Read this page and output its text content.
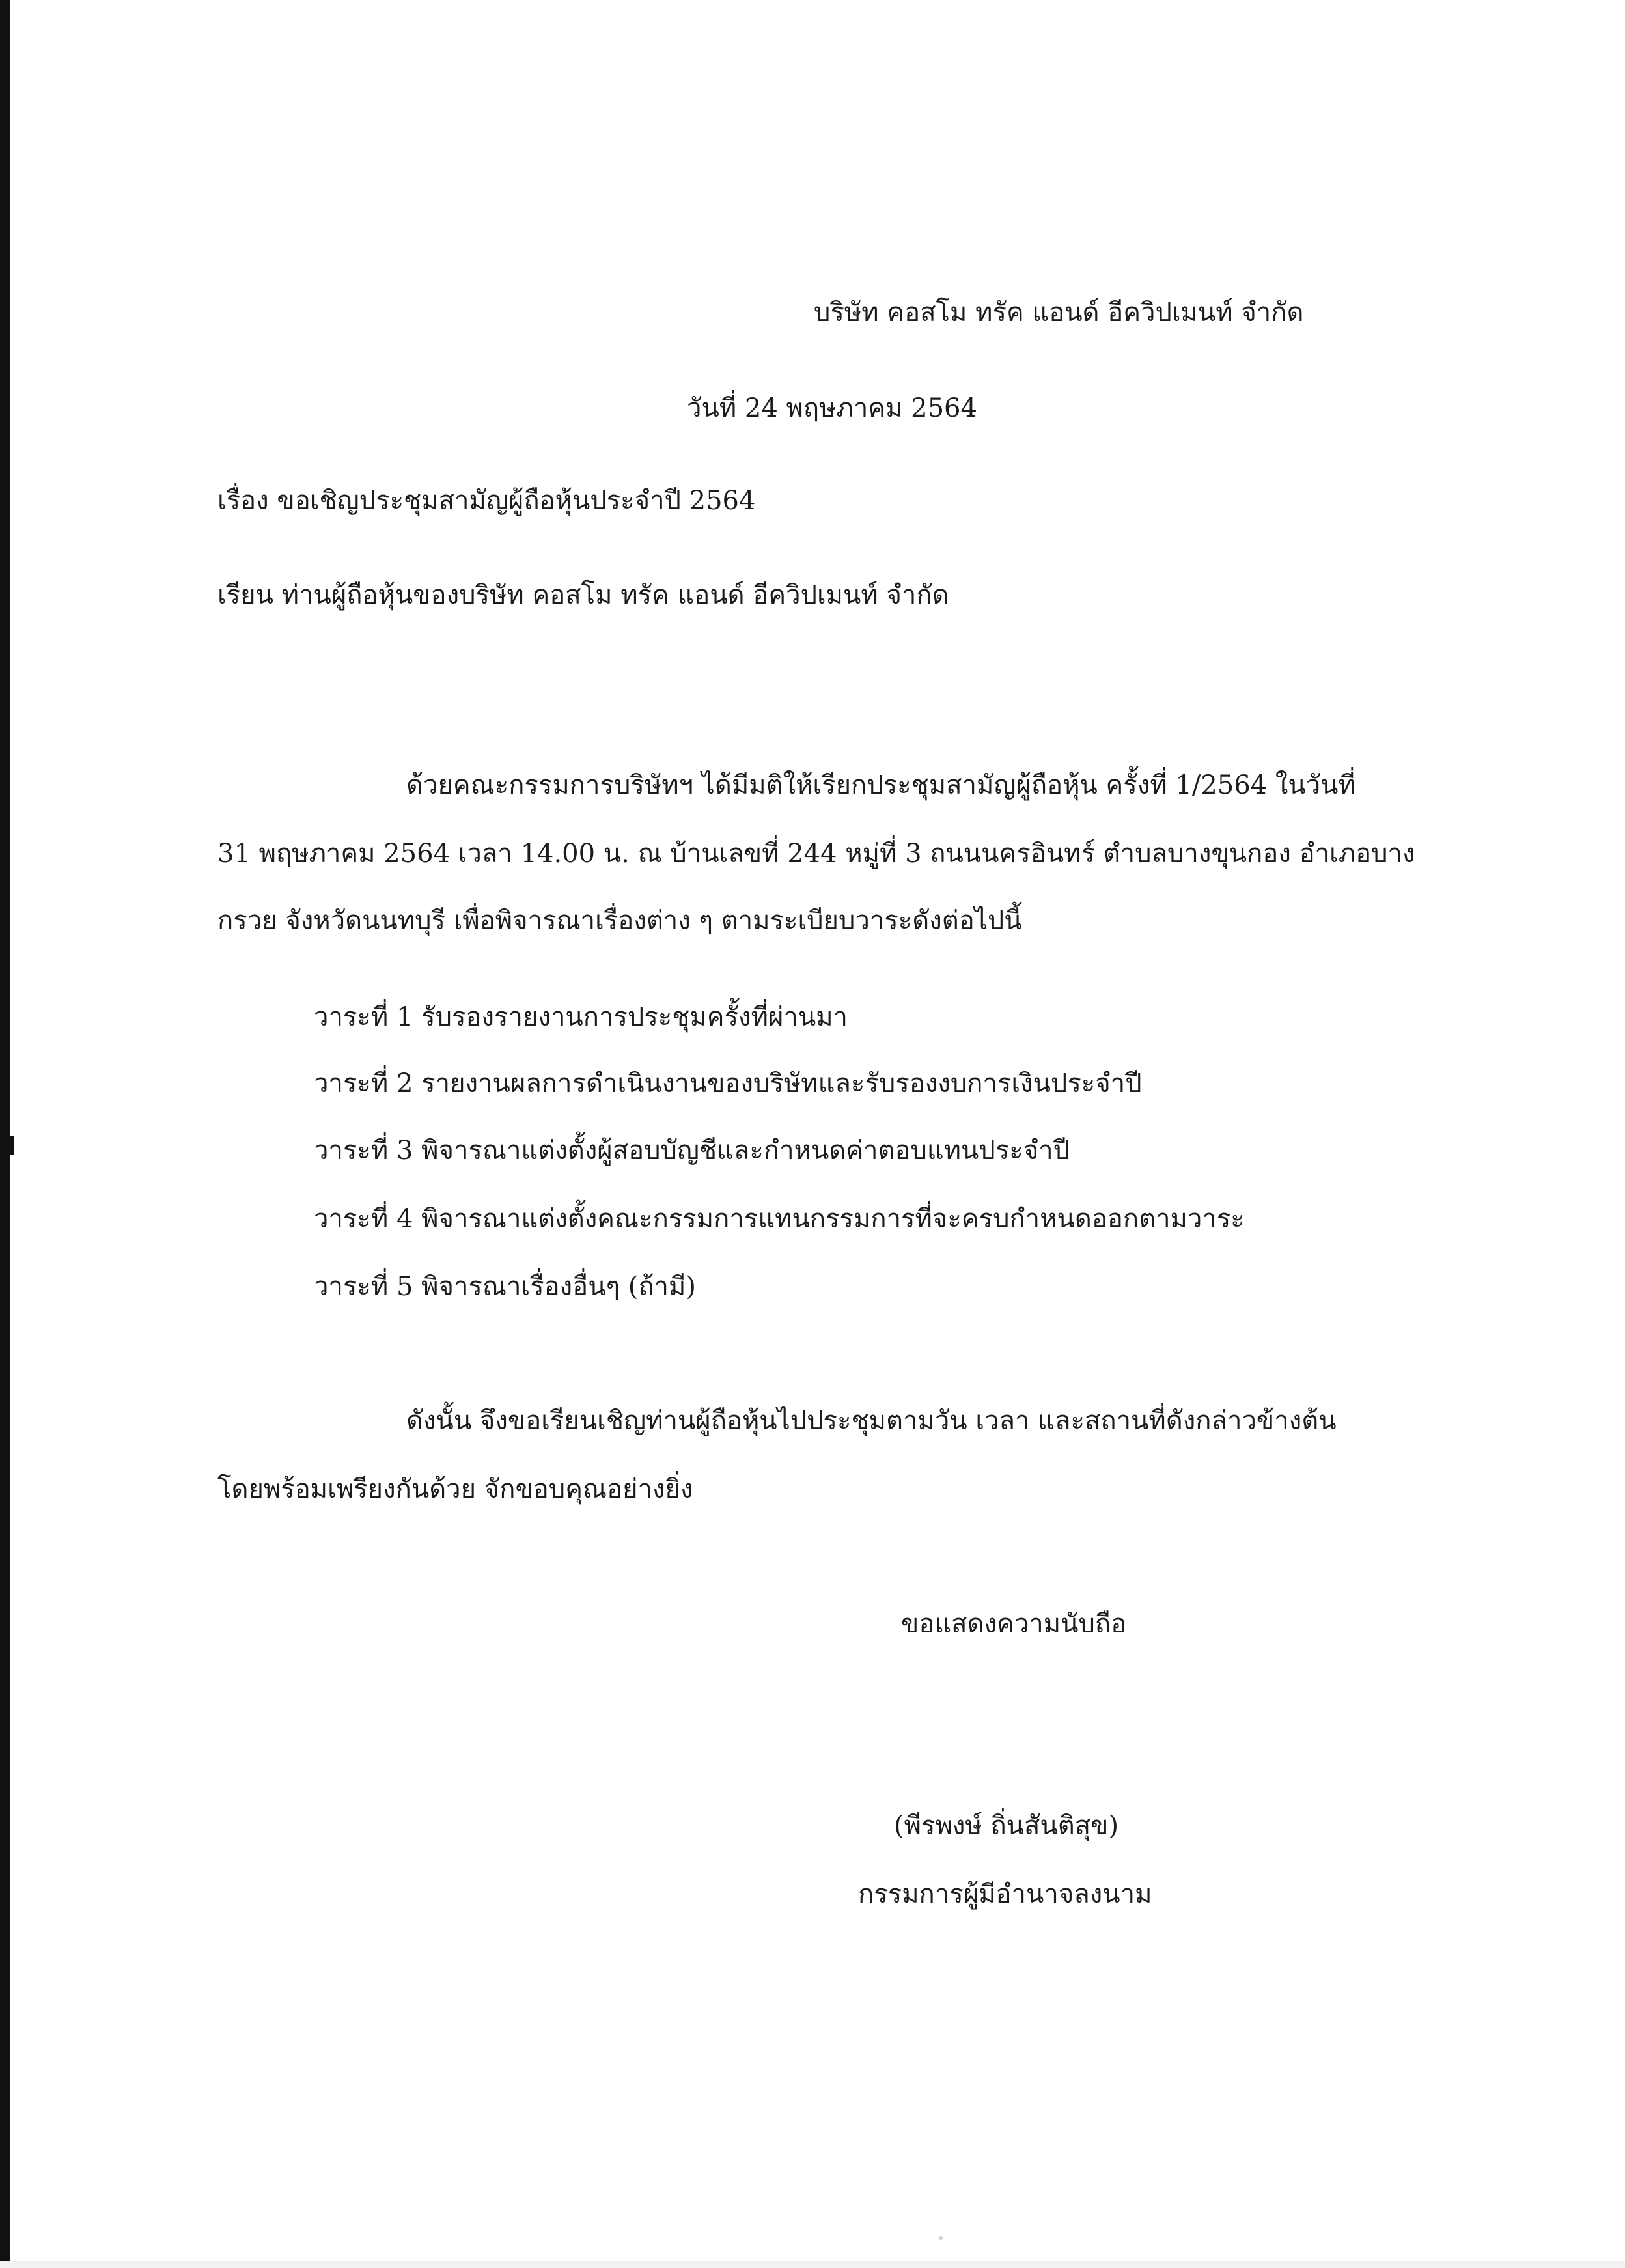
บริษัท คอสโม ทรัค แอนด์ อีควิปเมนท์ จำกัด

วันที่ 24 พฤษภาคม 2564

เรื่อง ขอเชิญประชุมสามัญผู้ถือหุ้นประจำปี 2564

เรียน ท่านผู้ถือหุ้นของบริษัท คอสโม ทรัค แอนด์ อีควิปเมนท์ จำกัด

ด้วยคณะกรรมการบริษัทฯ ได้มีมติให้เรียกประชุมสามัญผู้ถือหุ้น ครั้งที่ 1/2564 ในวันที่

31 พฤษภาคม 2564 เวลา 14.00 น. ณ บ้านเลขที่ 244 หมู่ที่ 3 ถนนนครอินทร์ ตำบลบางขุนกอง อำเภอบาง

กรวย จังหวัดนนทบุรี เพื่อพิจารณาเรื่องต่าง ๆ ตามระเบียบวาระดังต่อไปนี้

วาระที่ 1 รับรองรายงานการประชุมครั้งที่ผ่านมา

วาระที่ 2 รายงานผลการดำเนินงานของบริษัทและรับรองงบการเงินประจำปี

วาระที่ 3 พิจารณาแต่งตั้งผู้สอบบัญชีและกำหนดค่าตอบแทนประจำปี

วาระที่ 4 พิจารณาแต่งตั้งคณะกรรมการแทนกรรมการที่จะครบกำหนดออกตามวาระ

วาระที่ 5 พิจารณาเรื่องอื่นๆ (ถ้ามี)

ดังนั้น จึงขอเรียนเชิญท่านผู้ถือหุ้นไปประชุมตามวัน เวลา และสถานที่ดังกล่าวข้างต้น

โดยพร้อมเพรียงกันด้วย จักขอบคุณอย่างยิ่ง

ขอแสดงความนับถือ

(พีรพงษ์ ถิ่นสันติสุข)

กรรมการผู้มีอำนาจลงนาม
